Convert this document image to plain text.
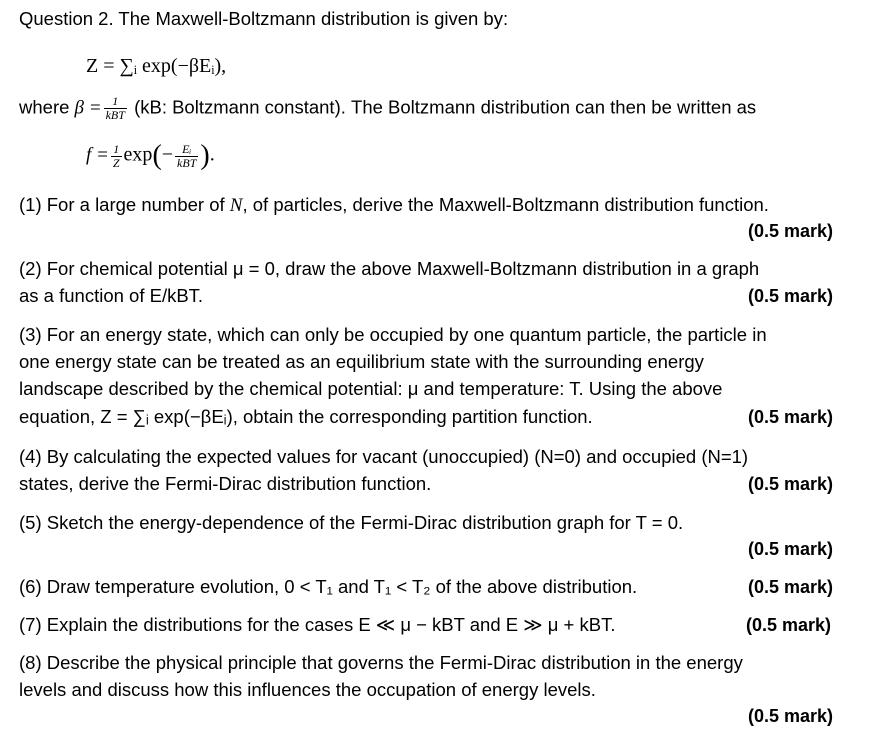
Question 2. The Maxwell-Boltzmann distribution is given by:
Z = ∑ᵢ exp(−βEᵢ),
where $\beta = \frac{1}{\text{kBT}} (kB$: Boltzmann constant). The Boltzmann distribution can then be written as
$f = \frac{1}{Z} \exp(- \frac{\text{Eᵢ}}{\text{kBT}}$ ).
(1) For a large number of N, of particles, derive the Maxwell-Boltzmann distribution function.
(0.5 mark)
(2) For chemical potential μ = 0, draw the above Maxwell-Boltzmann distribution in a graph
as a function of E/kBT.	(0.5 mark)
(3) For an energy state, which can only be occupied by one quantum particle, the particle in
one energy state can be treated as an equilibrium state with the surrounding energy
landscape described by the chemical potential: μ and temperature: T. Using the above
equation, Z = ∑ᵢ exp(−βEᵢ), obtain the corresponding partition function.	(0.5 mark)
(4) By calculating the expected values for vacant (unoccupied) (N=0) and occupied (N=1)
states, derive the Fermi-Dirac distribution function.	(0.5 mark)
(5) Sketch the energy-dependence of the Fermi-Dirac distribution graph for T = 0.
(0.5 mark)
(6) Draw temperature evolution, 0 < T₁ and T₁ < T₂ of the above distribution.	(0.5 mark)
(7) Explain the distributions for the cases E ≪ μ − kBT and E ≫ μ + kBT.	(0.5 mark)
(8) Describe the physical principle that governs the Fermi-Dirac distribution in the energy
levels and discuss how this influences the occupation of energy levels.
(0.5 mark)
